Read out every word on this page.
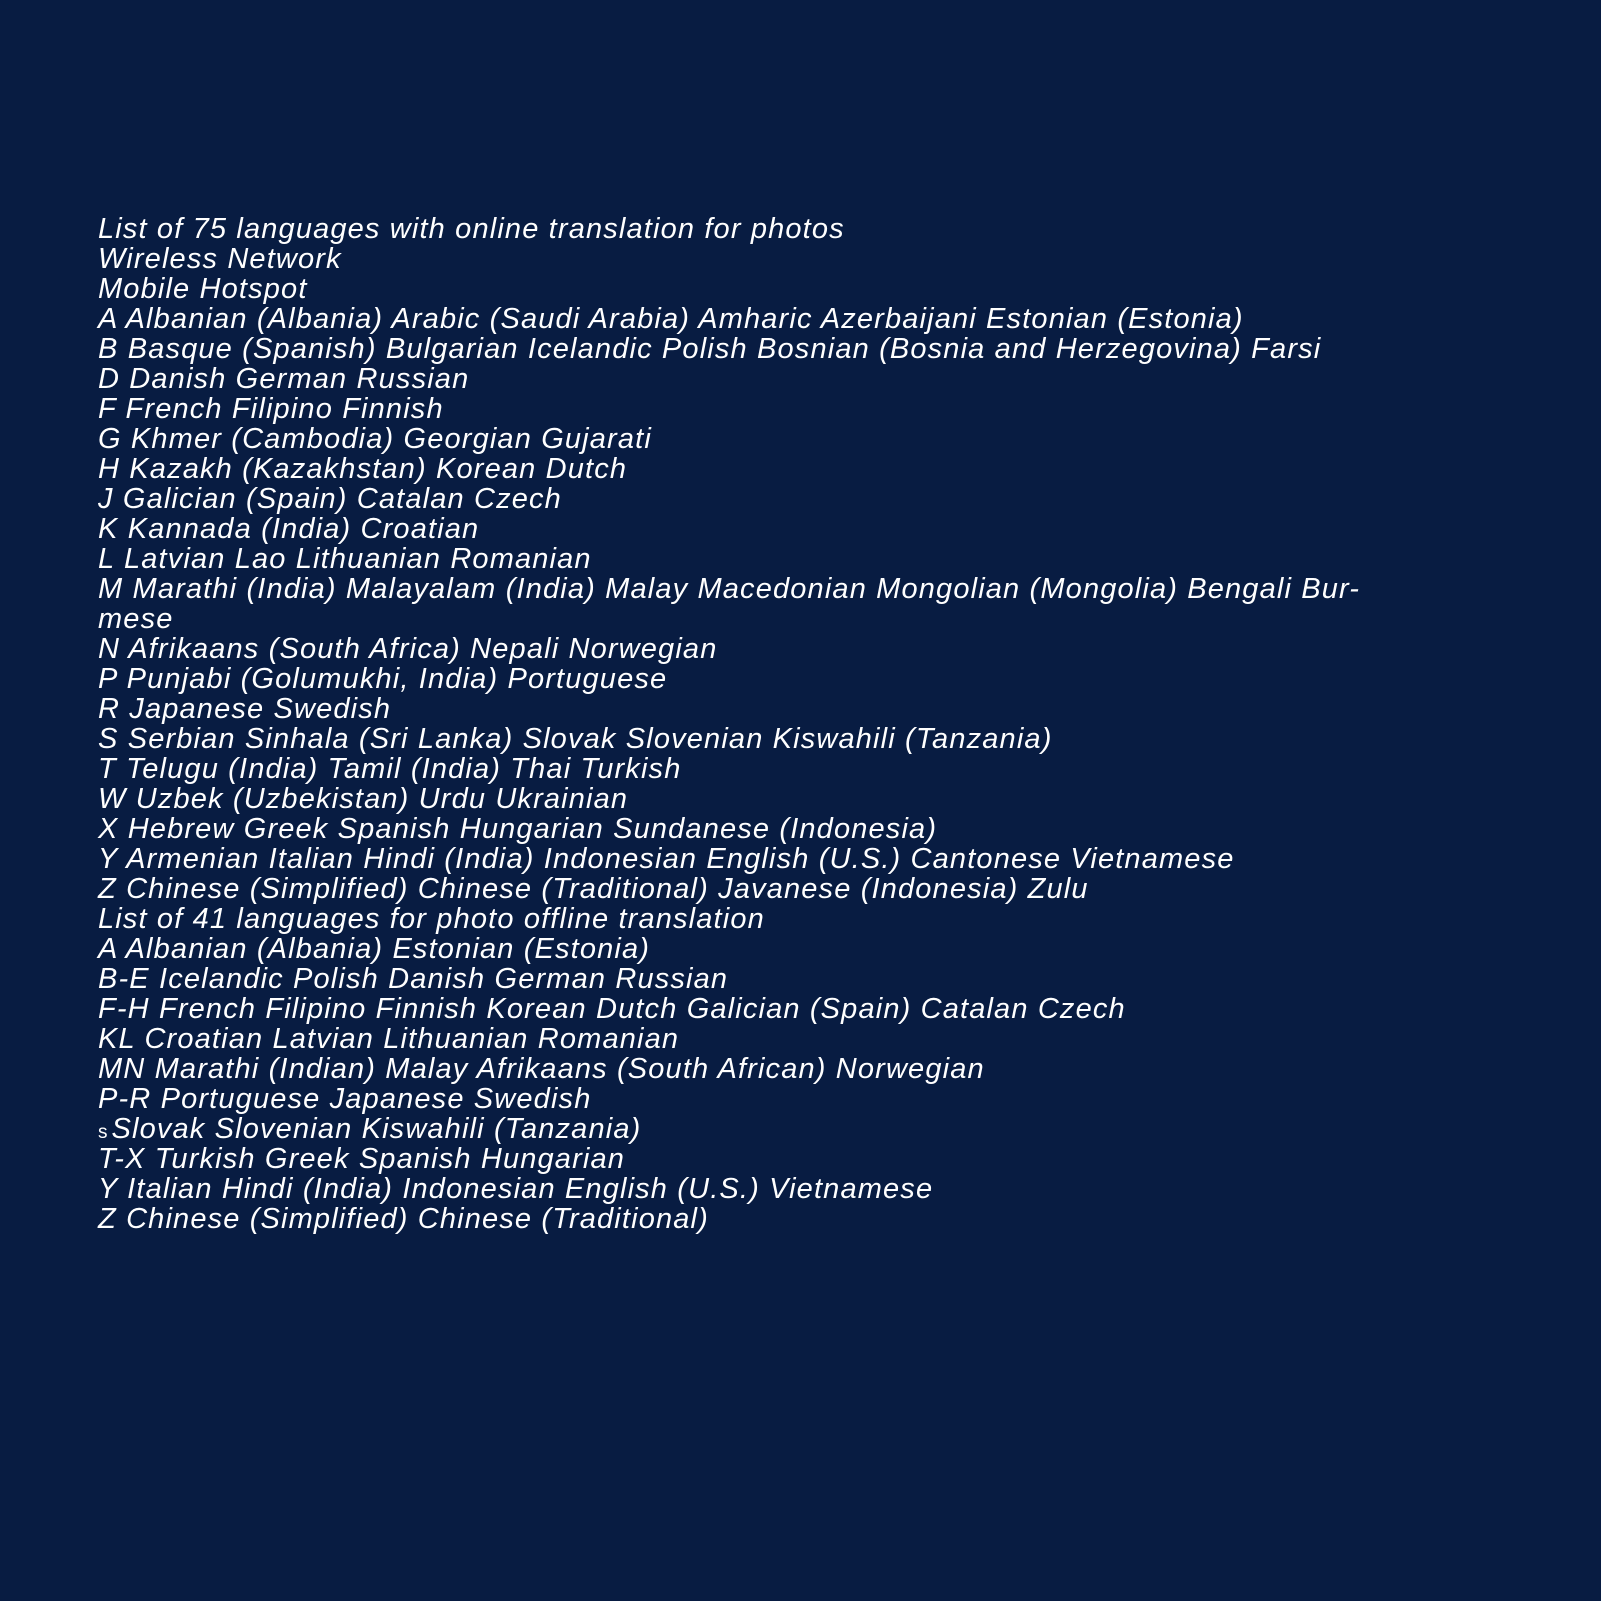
List of 75 languages with online translation for photos
Wireless Network
Mobile Hotspot
A Albanian (Albania) Arabic (Saudi Arabia) Amharic Azerbaijani Estonian (Estonia)
B Basque (Spanish) Bulgarian Icelandic Polish Bosnian (Bosnia and Herzegovina) Farsi
D Danish German Russian
F French Filipino Finnish
G Khmer (Cambodia) Georgian Gujarati
H Kazakh (Kazakhstan) Korean Dutch
J Galician (Spain) Catalan Czech
K Kannada (India) Croatian
L Latvian Lao Lithuanian Romanian
M Marathi (India) Malayalam (India) Malay Macedonian Mongolian (Mongolia) Bengali Bur-
mese
N Afrikaans (South Africa) Nepali Norwegian
P Punjabi (Golumukhi, India) Portuguese
R Japanese Swedish
S Serbian Sinhala (Sri Lanka) Slovak Slovenian Kiswahili (Tanzania)
T Telugu (India) Tamil (India) Thai Turkish
W Uzbek (Uzbekistan) Urdu Ukrainian
X Hebrew Greek Spanish Hungarian Sundanese (Indonesia)
Y Armenian Italian Hindi (India) Indonesian English (U.S.) Cantonese Vietnamese
Z Chinese (Simplified) Chinese (Traditional) Javanese (Indonesia) Zulu
List of 41 languages for photo offline translation
A Albanian (Albania) Estonian (Estonia)
B-E Icelandic Polish Danish German Russian
F-H French Filipino Finnish Korean Dutch Galician (Spain) Catalan Czech
KL Croatian Latvian Lithuanian Romanian
MN Marathi (Indian) Malay Afrikaans (South African) Norwegian
P-R Portuguese Japanese Swedish
s Slovak Slovenian Kiswahili (Tanzania)
T-X Turkish Greek Spanish Hungarian
Y Italian Hindi (India) Indonesian English (U.S.) Vietnamese
Z Chinese (Simplified) Chinese (Traditional)
